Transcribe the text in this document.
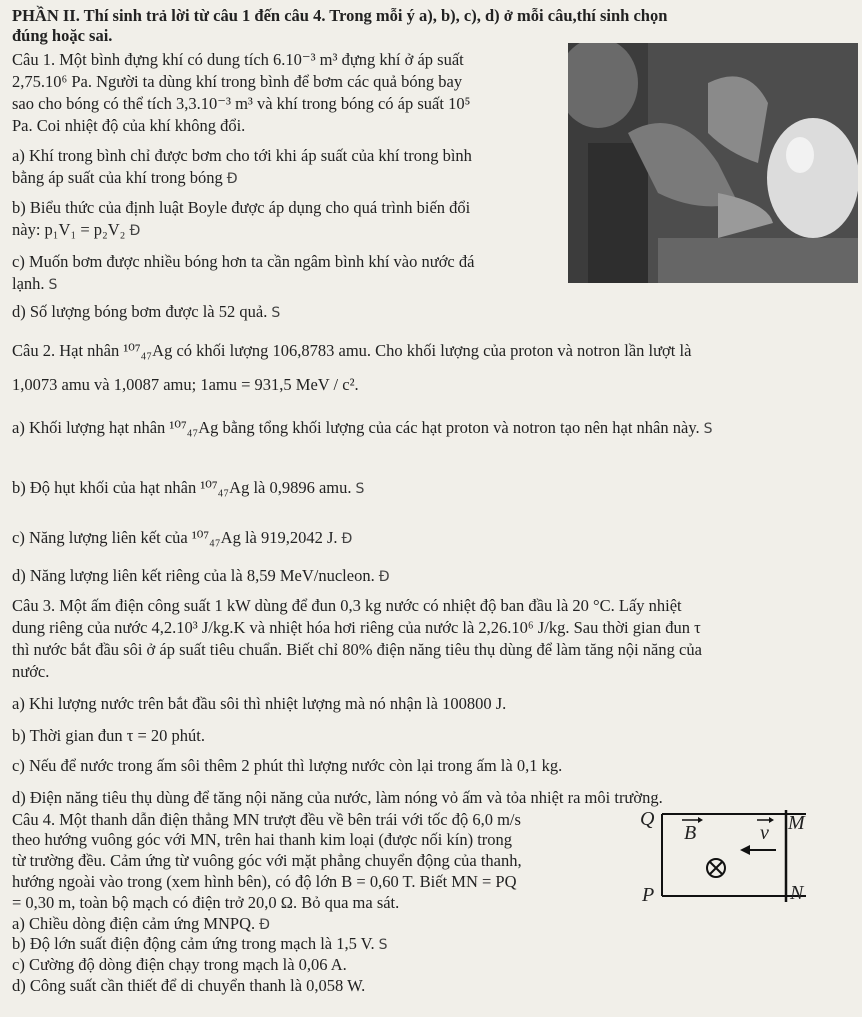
PHẦN II. Thí sinh trả lời từ câu 1 đến câu 4. Trong mỗi ý a), b), c), d) ở mỗi câu,thí sinh chọn
đúng hoặc sai.
Câu 1. Một bình đựng khí có dung tích 6.10⁻³ m³ đựng khí ở áp suất
2,75.10⁶ Pa. Người ta dùng khí trong bình để bơm các quả bóng bay
sao cho bóng có thể tích 3,3.10⁻³ m³ và khí trong bóng có áp suất 10⁵
Pa. Coi nhiệt độ của khí không đổi.
a) Khí trong bình chỉ được bơm cho tới khi áp suất của khí trong bình
bằng áp suất của khí trong bóng Đ
b) Biểu thức của định luật Boyle được áp dụng cho quá trình biến đổi
này: p₁V₁ = p₂V₂ Đ
c) Muốn bơm được nhiều bóng hơn ta cần ngâm bình khí vào nước đá
lạnh. S
d) Số lượng bóng bơm được là 52 quả. S
Câu 2. Hạt nhân ¹⁰⁷₄₇Ag có khối lượng 106,8783 amu. Cho khối lượng của proton và notron lần lượt là
1,0073 amu và 1,0087 amu; 1amu = 931,5 MeV / c².
a) Khối lượng hạt nhân ¹⁰⁷₄₇Ag bằng tổng khối lượng của các hạt proton và notron tạo nên hạt nhân này. S
b) Độ hụt khối của hạt nhân ¹⁰⁷₄₇Ag là 0,9896 amu. S
c) Năng lượng liên kết của ¹⁰⁷₄₇Ag là 919,2042 J. Đ
d) Năng lượng liên kết riêng của là 8,59 MeV/nucleon. Đ
Câu 3. Một ấm điện công suất 1 kW dùng để đun 0,3 kg nước có nhiệt độ ban đầu là 20 °C. Lấy nhiệt
dung riêng của nước 4,2.10³ J/kg.K và nhiệt hóa hơi riêng của nước là 2,26.10⁶ J/kg. Sau thời gian đun τ
thì nước bắt đầu sôi ở áp suất tiêu chuẩn. Biết chỉ 80% điện năng tiêu thụ dùng để làm tăng nội năng của
nước.
a) Khi lượng nước trên bắt đầu sôi thì nhiệt lượng mà nó nhận là 100800 J.
b) Thời gian đun τ = 20 phút.
c) Nếu để nước trong ấm sôi thêm 2 phút thì lượng nước còn lại trong ấm là 0,1 kg.
d) Điện năng tiêu thụ dùng để tăng nội năng của nước, làm nóng vỏ ấm và tỏa nhiệt ra môi trường.
Câu 4. Một thanh dẫn điện thẳng MN trượt đều về bên trái với tốc độ 6,0 m/s
theo hướng vuông góc với MN, trên hai thanh kim loại (được nối kín) trong
từ trường đều. Cảm ứng từ vuông góc với mặt phẳng chuyển động của thanh,
hướng ngoài vào trong (xem hình bên), có độ lớn B = 0,60 T. Biết MN = PQ
= 0,30 m, toàn bộ mạch có điện trở 20,0 Ω. Bỏ qua ma sát.
a) Chiều dòng điện cảm ứng MNPQ. Đ
b) Độ lớn suất điện động cảm ứng trong mạch là 1,5 V. S
c) Cường độ dòng điện chạy trong mạch là 0,06 A.
d) Công suất cần thiết để di chuyển thanh là 0,058 W.
Q
P
M
N
B	v
